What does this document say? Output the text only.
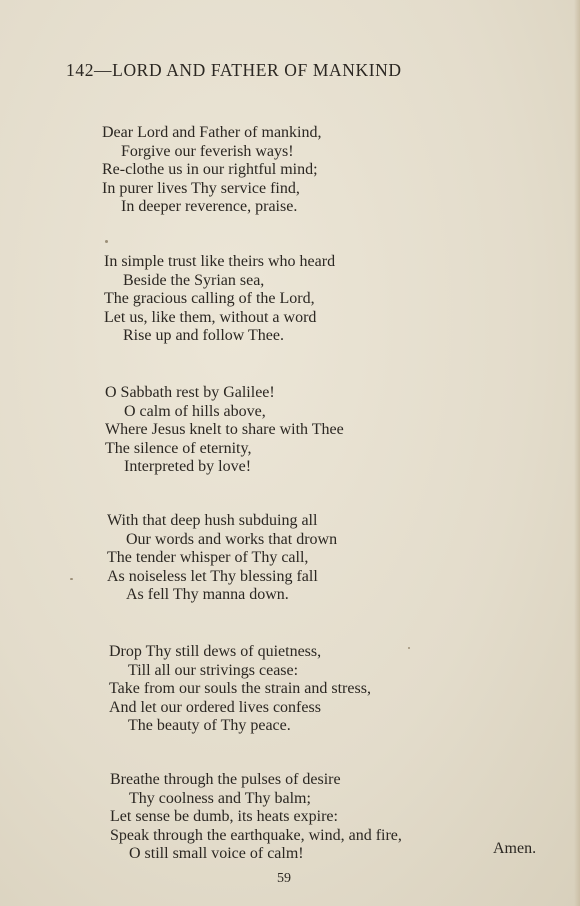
142—LORD AND FATHER OF MANKIND
Dear Lord and Father of mankind,
Forgive our feverish ways!
Re-clothe us in our rightful mind;
In purer lives Thy service find,
In deeper reverence, praise.
In simple trust like theirs who heard
Beside the Syrian sea,
The gracious calling of the Lord,
Let us, like them, without a word
Rise up and follow Thee.
O Sabbath rest by Galilee!
O calm of hills above,
Where Jesus knelt to share with Thee
The silence of eternity,
Interpreted by love!
With that deep hush subduing all
Our words and works that drown
The tender whisper of Thy call,
As noiseless let Thy blessing fall
As fell Thy manna down.
Drop Thy still dews of quietness,
Till all our strivings cease:
Take from our souls the strain and stress,
And let our ordered lives confess
The beauty of Thy peace.
Breathe through the pulses of desire
Thy coolness and Thy balm;
Let sense be dumb, its heats expire:
Speak through the earthquake, wind, and fire,
O still small voice of calm!	Amen.
59
